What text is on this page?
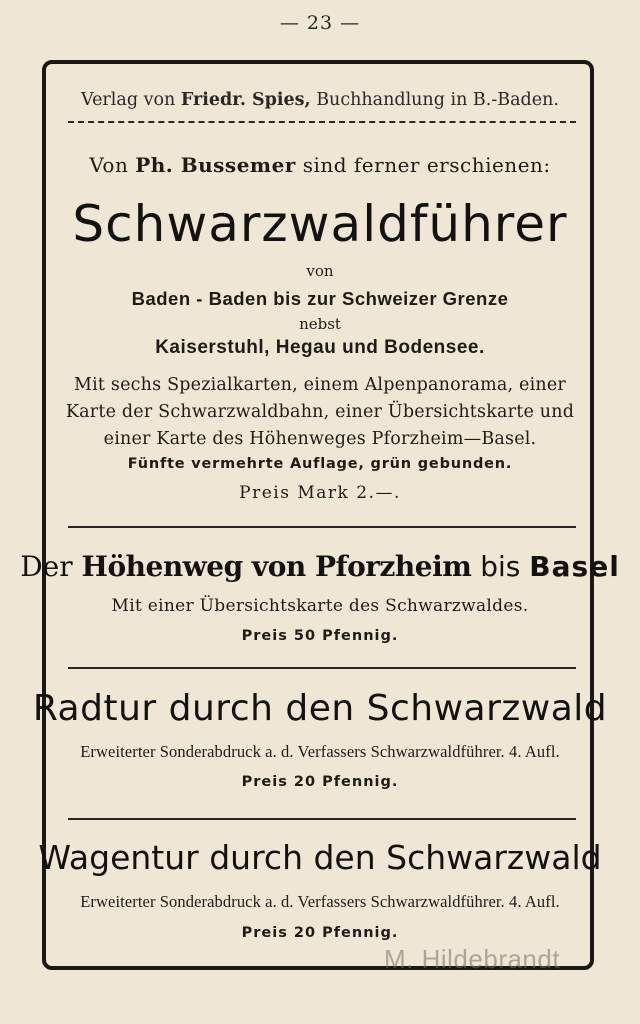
— 23 —
Verlag von Friedr. Spies, Buchhandlung in B.-Baden.
Von Ph. Bussemer sind ferner erschienen:
Schwarzwaldführer
von
Baden - Baden bis zur Schweizer Grenze
nebst
Kaiserstuhl, Hegau und Bodensee.
Mit sechs Spezialkarten, einem Alpenpanorama, einer
Karte der Schwarzwaldbahn, einer Übersichtskarte und
einer Karte des Höhenweges Pforzheim—Basel.
Fünfte vermehrte Auflage, grün gebunden.
Preis Mark 2.—.
Der Höhenweg von Pforzheim bis Basel
Mit einer Übersichtskarte des Schwarzwaldes.
Preis 50 Pfennig.
Radtur durch den Schwarzwald
Erweiterter Sonderabdruck a. d. Verfassers Schwarzwaldführer. 4. Aufl.
Preis 20 Pfennig.
Wagentur durch den Schwarzwald
Erweiterter Sonderabdruck a. d. Verfassers Schwarzwaldführer. 4. Aufl.
Preis 20 Pfennig.
M. Hildebrandt
